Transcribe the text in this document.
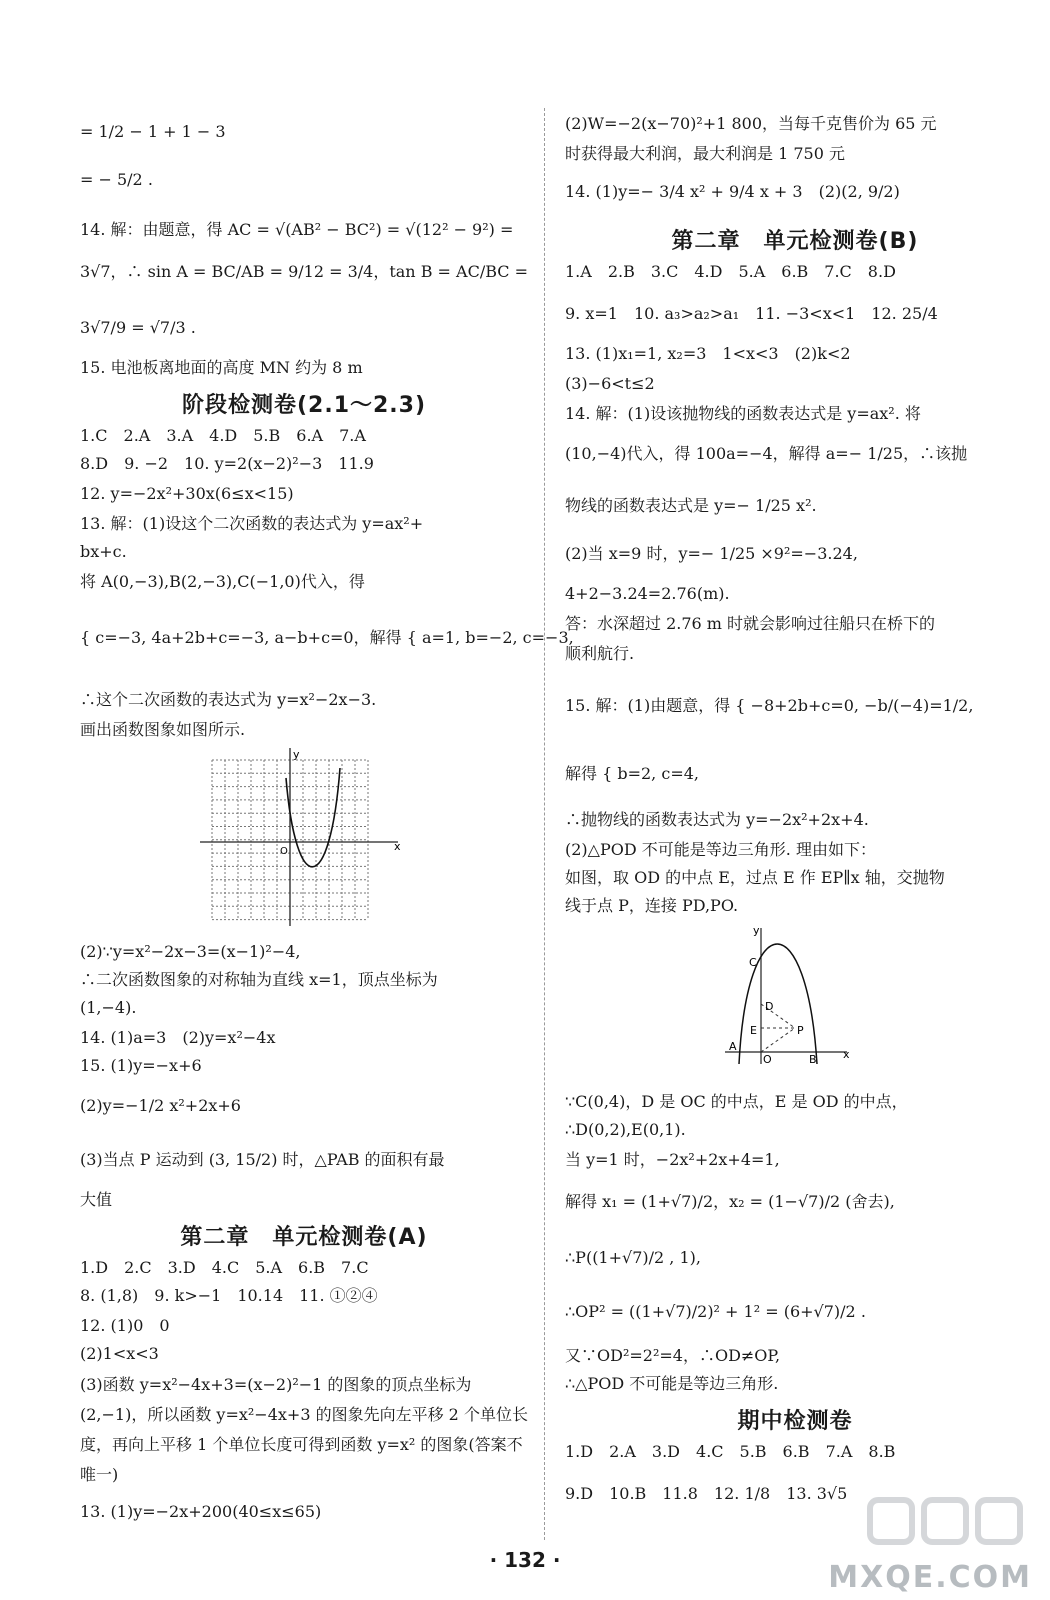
= 1/2 − 1 + 1 − 3
= − 5/2 .
14. 解：由题意，得 AC = √(AB² − BC²) = √(12² − 9²) =
3√7，∴ sin A = BC/AB = 9/12 = 3/4，tan B = AC/BC =
3√7/9 = √7/3 .
15. 电池板离地面的高度 MN 约为 8 m
阶段检测卷(2.1～2.3)
1.C　2.A　3.A　4.D　5.B　6.A　7.A
8.D　9. −2　10. y=2(x−2)²−3　11.9
12. y=−2x²+30x(6≤x<15)
13. 解：(1)设这个二次函数的表达式为 y=ax²+
bx+c.
将 A(0,−3),B(2,−3),C(−1,0)代入，得
{ c=−3, 4a+2b+c=−3, a−b+c=0，解得 { a=1, b=−2, c=−3,
∴这个二次函数的表达式为 y=x²−2x−3.
画出函数图象如图所示.
y
x
O
(2)∵y=x²−2x−3=(x−1)²−4,
∴二次函数图象的对称轴为直线 x=1，顶点坐标为
(1,−4).
14. (1)a=3　(2)y=x²−4x
15. (1)y=−x+6
(2)y=−1/2 x²+2x+6
(3)当点 P 运动到 (3, 15/2) 时，△PAB 的面积有最
大值
第二章　单元检测卷(A)
1.D　2.C　3.D　4.C　5.A　6.B　7.C
8. (1,8)　9. k>−1　10.14　11. ①②④
12. (1)0　0
(2)1<x<3
(3)函数 y=x²−4x+3=(x−2)²−1 的图象的顶点坐标为(2,−1)，所以函数 y=x²−4x+3 的图象先向左平移 2 个单位长度，再向上平移 1 个单位长度可得到函数 y=x² 的图象(答案不唯一)
13. (1)y=−2x+200(40≤x≤65)
(2)W=−2(x−70)²+1 800，当每千克售价为 65 元
时获得最大利润，最大利润是 1 750 元
14. (1)y=− 3/4 x² + 9/4 x + 3　(2)(2, 9/2)
第二章　单元检测卷(B)
1.A　2.B　3.C　4.D　5.A　6.B　7.C　8.D
9. x=1　10. a₃>a₂>a₁　11. −3<x<1　12. 25/4
13. (1)x₁=1, x₂=3　1<x<3　(2)k<2
(3)−6<t≤2
14. 解：(1)设该抛物线的函数表达式是 y=ax². 将
(10,−4)代入，得 100a=−4，解得 a=− 1/25，∴该抛
物线的函数表达式是 y=− 1/25 x².
(2)当 x=9 时，y=− 1/25 ×9²=−3.24,
4+2−3.24=2.76(m).
答：水深超过 2.76 m 时就会影响过往船只在桥下的
顺利航行.
15. 解：(1)由题意，得 { −8+2b+c=0, −b/(−4)=1/2,
解得 { b=2, c=4,
∴抛物线的函数表达式为 y=−2x²+2x+4.
(2)△POD 不可能是等边三角形. 理由如下：
如图，取 OD 的中点 E，过点 E 作 EP∥x 轴，交抛物
线于点 P，连接 PD,PO.
y
x
C
D
E	P
A
O	B
∵C(0,4)，D 是 OC 的中点，E 是 OD 的中点，
∴D(0,2),E(0,1).
当 y=1 时，−2x²+2x+4=1,
解得 x₁ = (1+√7)/2，x₂ = (1−√7)/2 (舍去),
∴P((1+√7)/2 , 1),
∴OP² = ((1+√7)/2)² + 1² = (6+√7)/2 .
又∵OD²=2²=4，∴OD≠OP,
∴△POD 不可能是等边三角形.
期中检测卷
1.D　2.A　3.D　4.C　5.B　6.B　7.A　8.B
9.D　10.B　11.8　12. 1/8　13. 3√5
· 132 ·	MXQE.COM
